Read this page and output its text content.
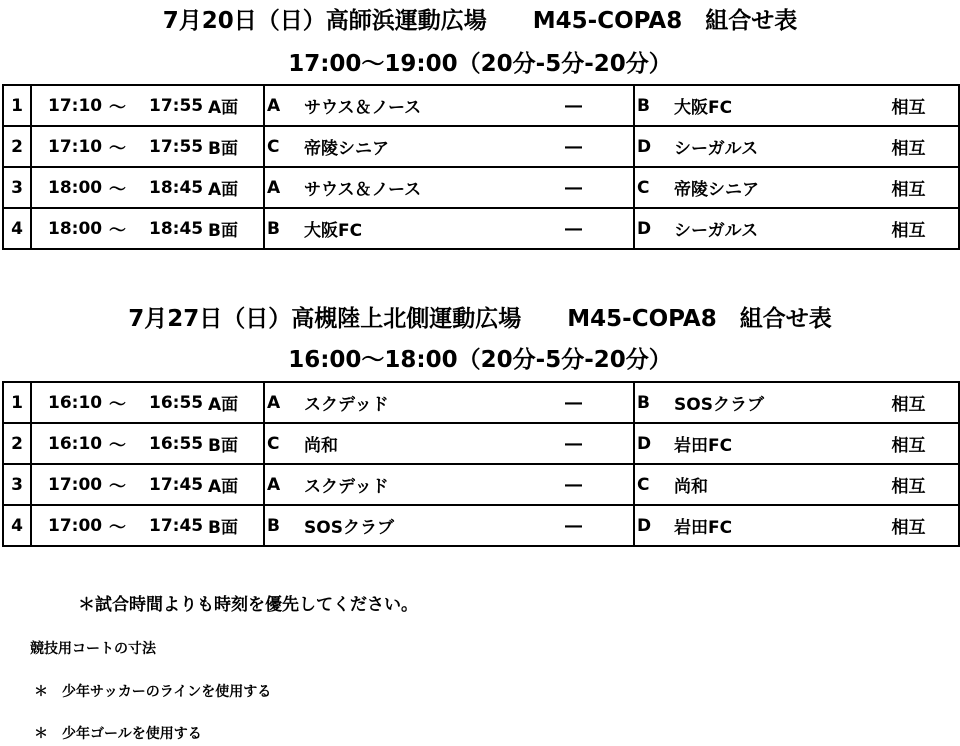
7月20日（日）高師浜運動広場　　M45-COPA8　組合せ表
17:00〜19:00（20分-5分-20分）
1	17:10	〜	17:55	A面	A	サウス＆ノース	―	B	大阪FC	相互
2	17:10	〜	17:55	B面	C	帝陵シニア	―	D	シーガルス	相互
3	18:00	〜	18:45	A面	A	サウス＆ノース	―	C	帝陵シニア	相互
4	18:00	〜	18:45	B面	B	大阪FC	―	D	シーガルス	相互
7月27日（日）高槻陸上北側運動広場　　M45-COPA8　組合せ表
16:00〜18:00（20分-5分-20分）
1	16:10	〜	16:55	A面	A	スクデッド	―	B	SOSクラブ	相互
2	16:10	〜	16:55	B面	C	尚和	―	D	岩田FC	相互
3	17:00	〜	17:45	A面	A	スクデッド	―	C	尚和	相互
4	17:00	〜	17:45	B面	B	SOSクラブ	―	D	岩田FC	相互
＊試合時間よりも時刻を優先してください。
競技用コートの寸法
＊　少年サッカーのラインを使用する
＊　少年ゴールを使用する
